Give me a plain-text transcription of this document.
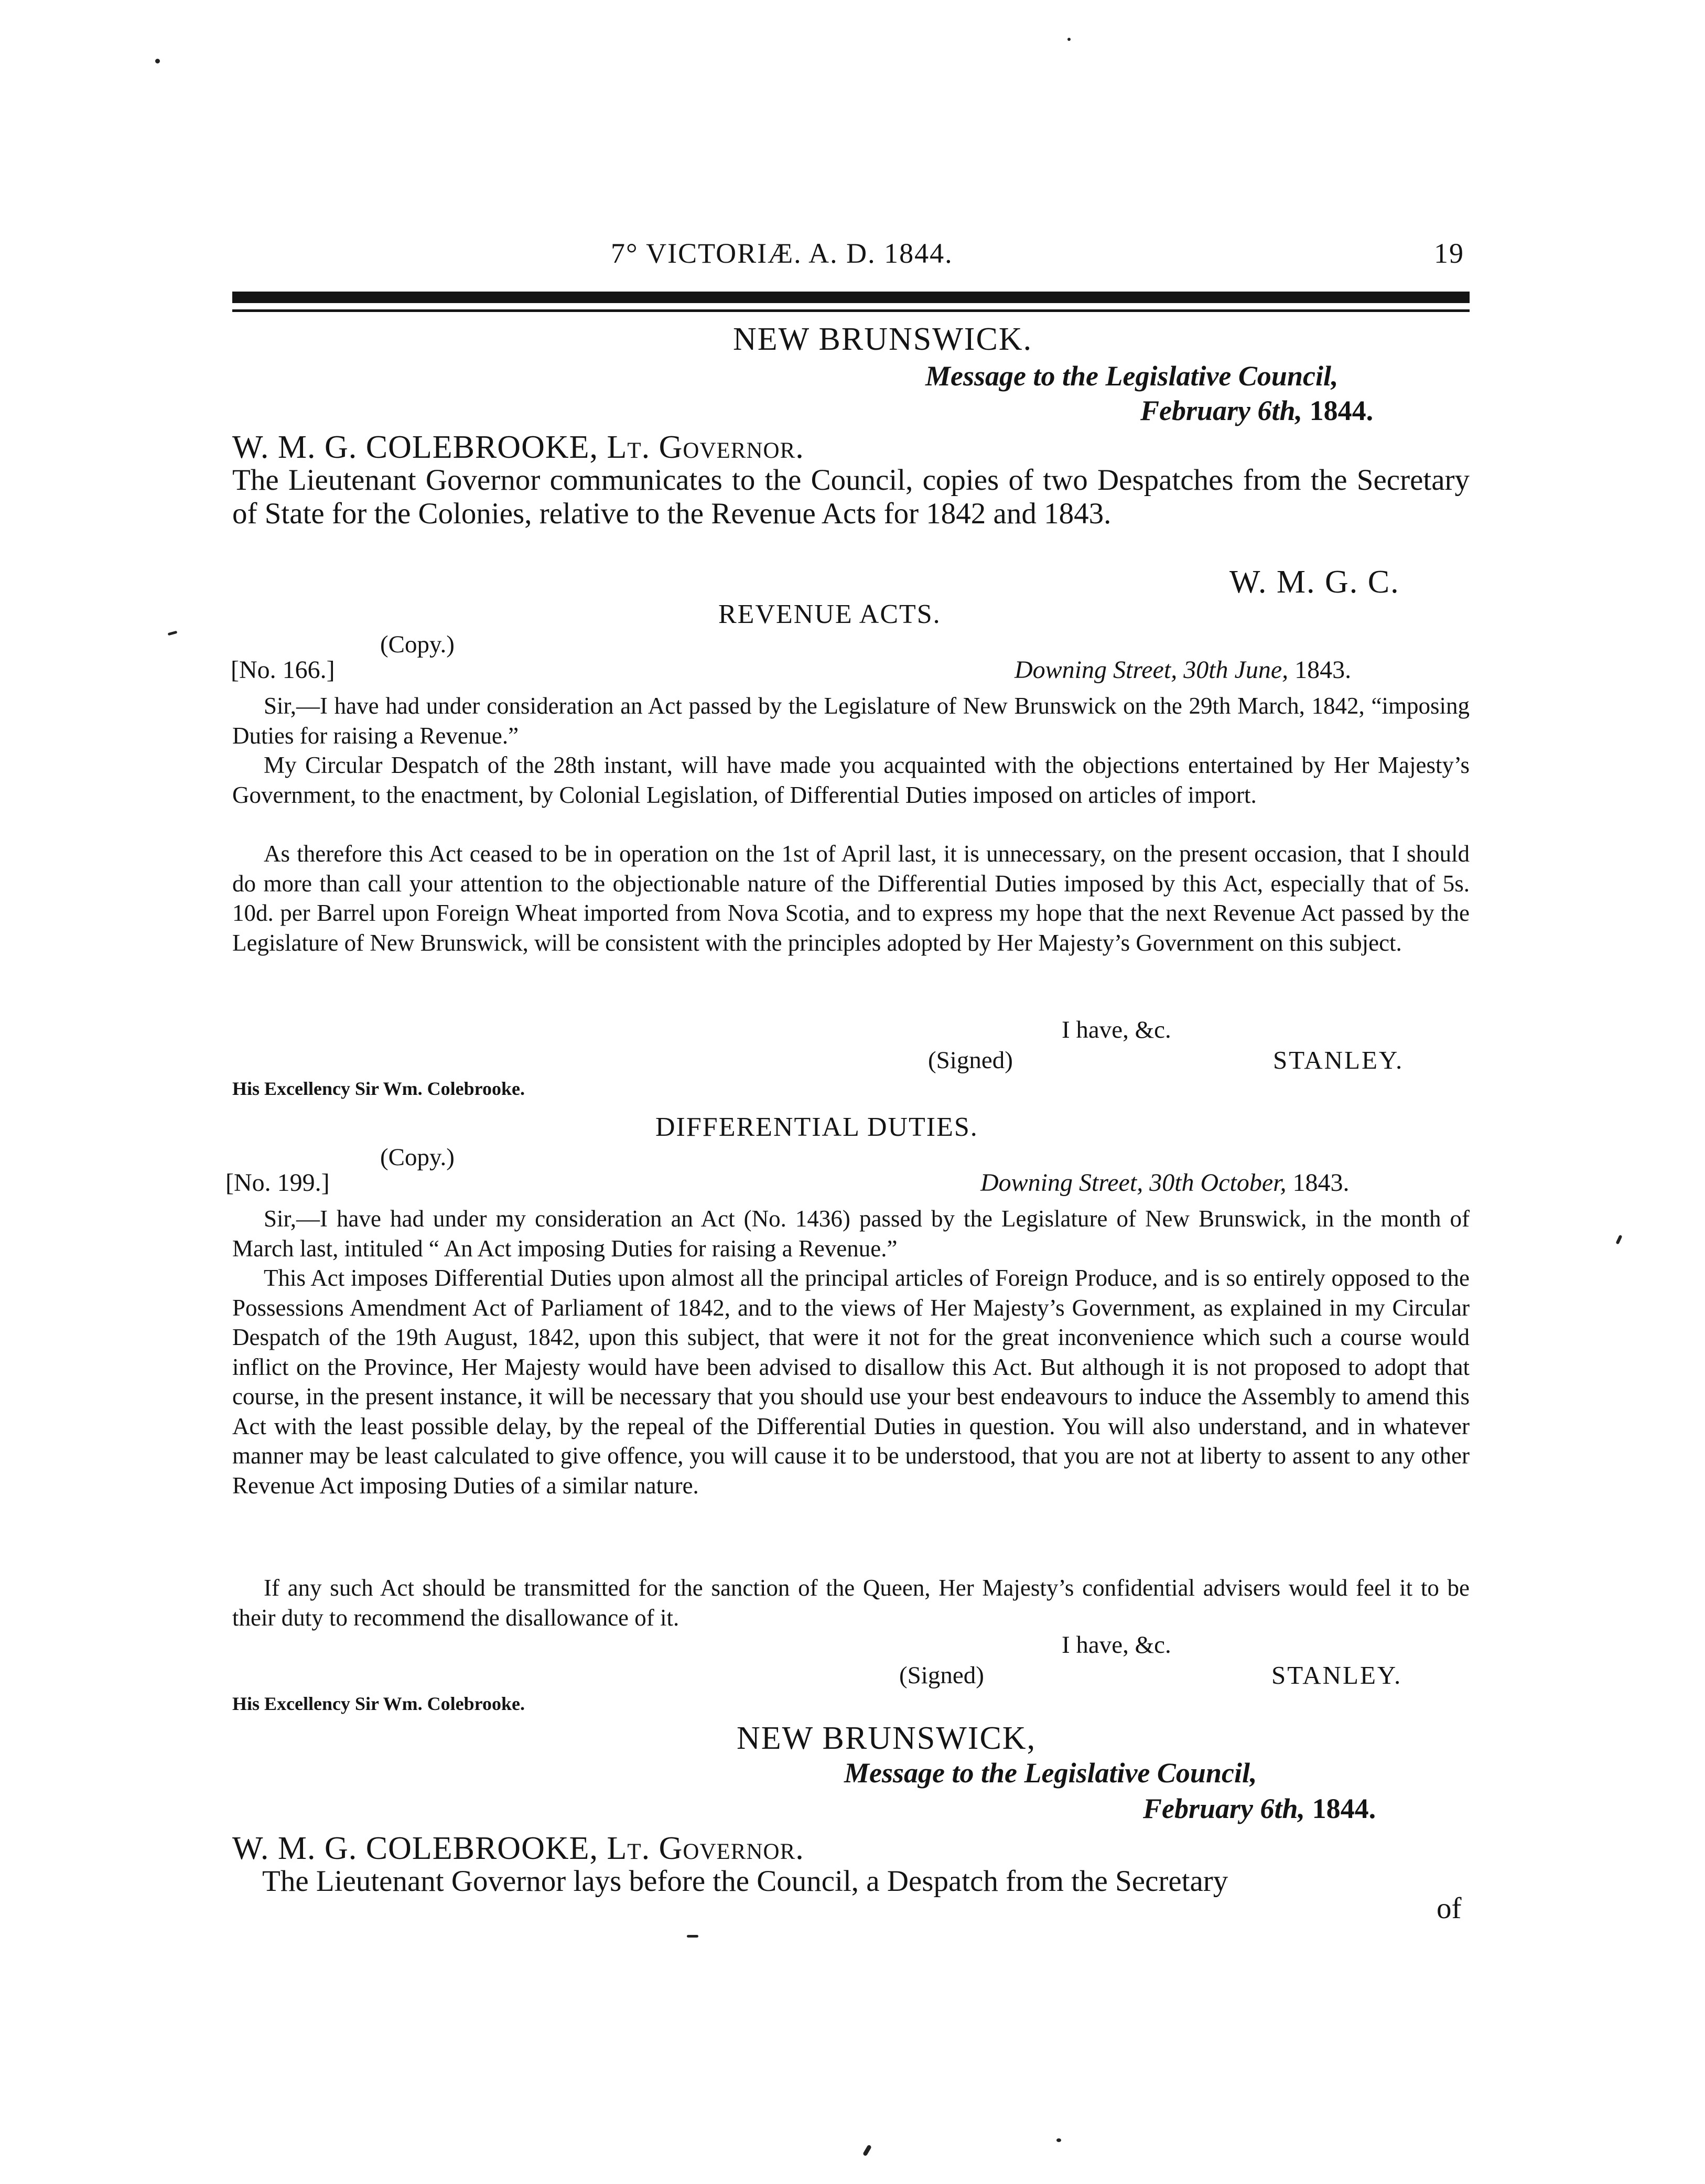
7° VICTORIÆ. A. D. 1844.	19
NEW BRUNSWICK.
Message to the Legislative Council,
February 6th, 1844.
W. M. G. COLEBROOKE, Lt. Governor.
The Lieutenant Governor communicates to the Council, copies of two Despatches from the Secretary of State for the Colonies, relative to the Revenue Acts for 1842 and 1843.
W. M. G. C.
REVENUE ACTS.
(Copy.)
[No. 166.]	Downing Street, 30th June, 1843.

Sir,—I have had under consideration an Act passed by the Legislature of New Brunswick on the 29th March, 1842, “imposing Duties for raising a Revenue.”

My Circular Despatch of the 28th instant, will have made you acquainted with the objections entertained by Her Majesty’s Government, to the enactment, by Colonial Legislation, of Differential Duties imposed on articles of import.

As therefore this Act ceased to be in operation on the 1st of April last, it is unnecessary, on the present occasion, that I should do more than call your attention to the objectionable nature of the Differential Duties imposed by this Act, especially that of 5s. 10d. per Barrel upon Foreign Wheat imported from Nova Scotia, and to express my hope that the next Revenue Act passed by the Legislature of New Brunswick, will be consistent with the principles adopted by Her Majesty’s Government on this subject.

I have, &c.
(Signed)	STANLEY.
His Excellency Sir Wm. Colebrooke.
DIFFERENTIAL DUTIES.
(Copy.)
[No. 199.]	Downing Street, 30th October, 1843.

Sir,—I have had under my consideration an Act (No. 1436) passed by the Legislature of New Brunswick, in the month of March last, intituled “ An Act imposing Duties for raising a Revenue.”

This Act imposes Differential Duties upon almost all the principal articles of Foreign Produce, and is so entirely opposed to the Possessions Amendment Act of Parliament of 1842, and to the views of Her Majesty’s Government, as explained in my Circular Despatch of the 19th August, 1842, upon this subject, that were it not for the great inconvenience which such a course would inflict on the Province, Her Majesty would have been advised to disallow this Act. But although it is not proposed to adopt that course, in the present instance, it will be necessary that you should use your best endeavours to induce the Assembly to amend this Act with the least possible delay, by the repeal of the Differential Duties in question. You will also understand, and in whatever manner may be least calculated to give offence, you will cause it to be understood, that you are not at liberty to assent to any other Revenue Act imposing Duties of a similar nature.

If any such Act should be transmitted for the sanction of the Queen, Her Majesty’s confidential advisers would feel it to be their duty to recommend the disallowance of it.

I have, &c.
(Signed)	STANLEY.
His Excellency Sir Wm. Colebrooke.
NEW BRUNSWICK,
Message to the Legislative Council,
February 6th, 1844.
W. M. G. COLEBROOKE, Lt. Governor.
The Lieutenant Governor lays before the Council, a Despatch from the Secretary
of
